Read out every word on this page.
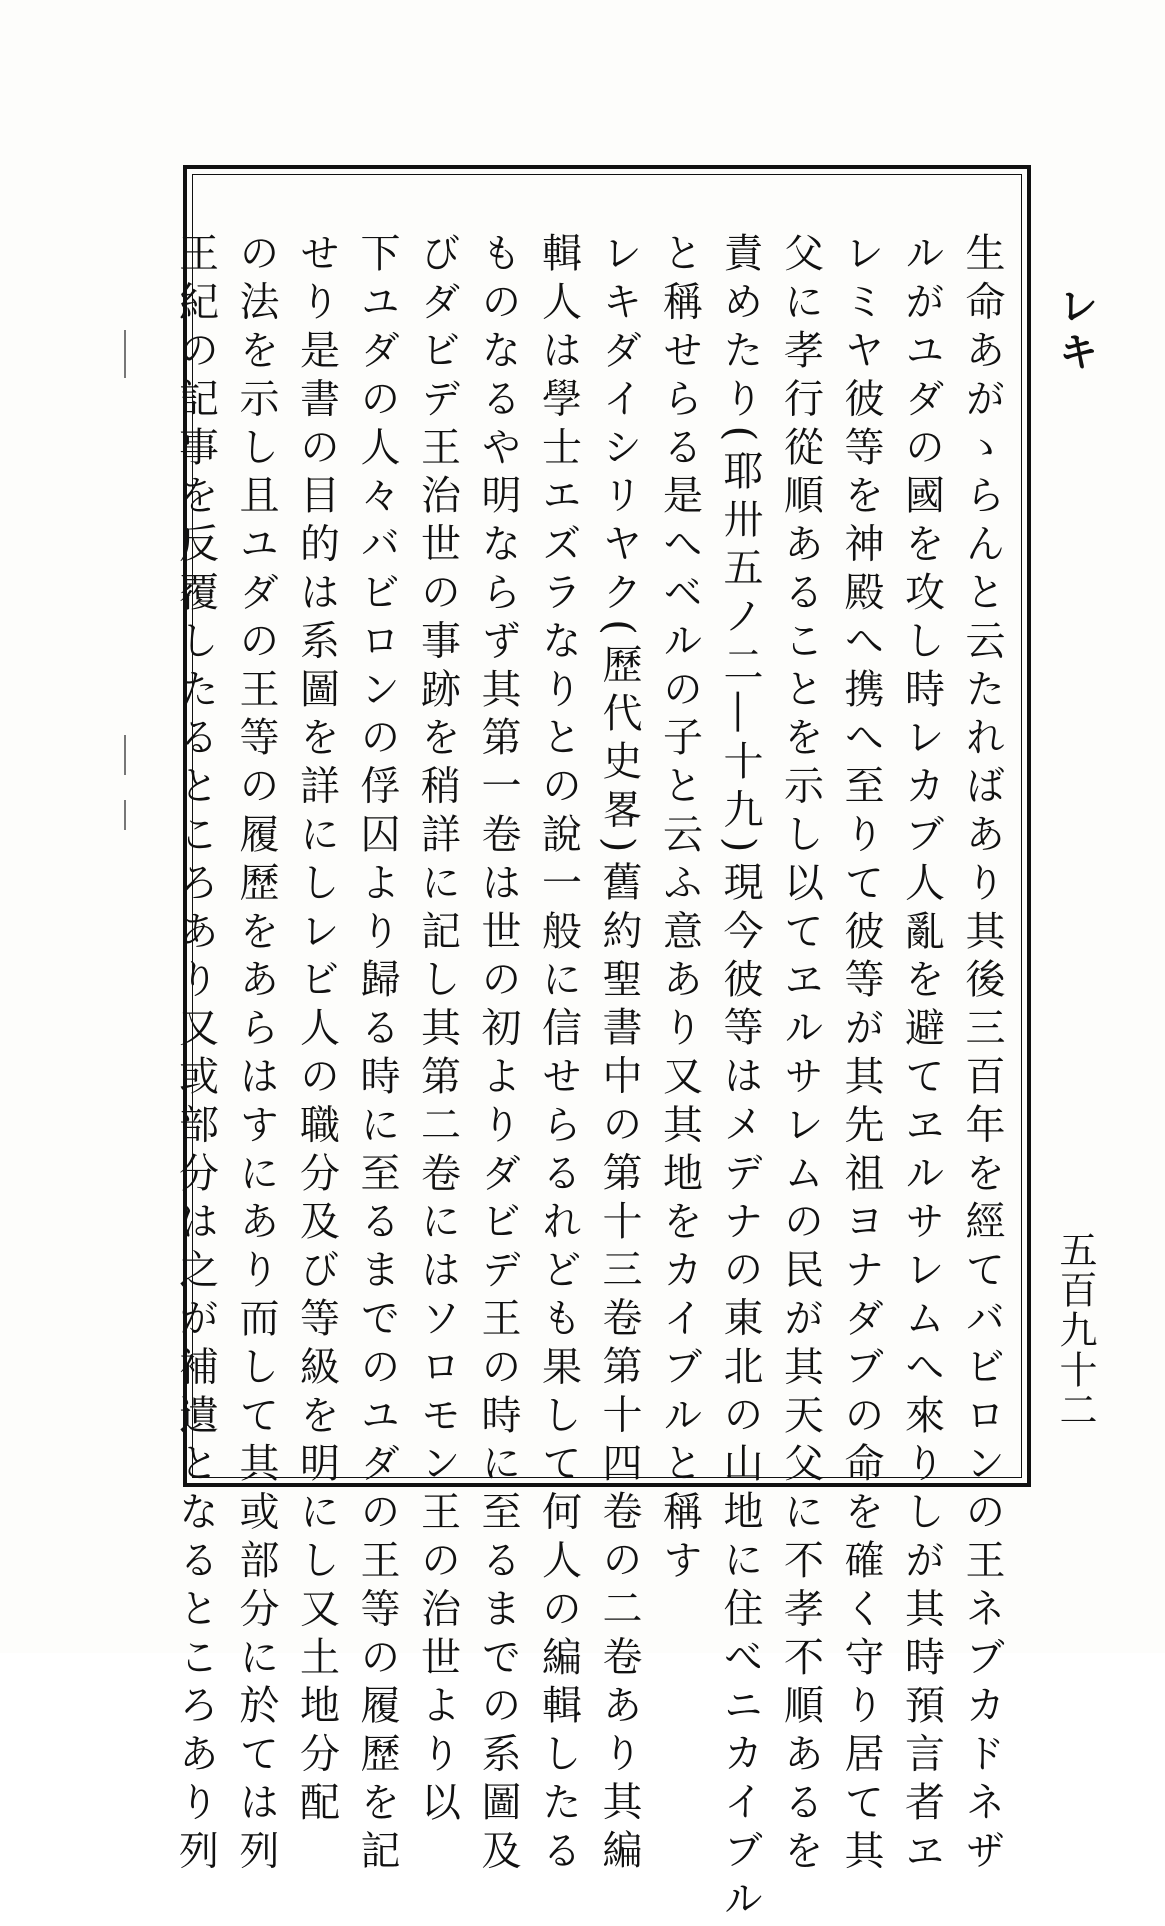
レキ
五百九十二
生命あがゝらんと云たればあり其後三百年を經てバビロンの王ネブカドネザ
ルがユダの國を攻し時レカブ人亂を避てヱルサレムへ來りしが其時預言者ヱ
レミヤ彼等を神殿へ携へ至りて彼等が其先祖ヨナダブの命を確く守り居て其
父に孝行從順あることを示し以てヱルサレムの民が其天父に不孝不順あるを
責めたり(耶卅五ノ二―十九)現今彼等はメデナの東北の山地に住べニカイブル
と稱せらる是へベルの子と云ふ意あり又其地をカイブルと稱す
レキダイシリヤク(歷代史畧)舊約聖書中の第十三卷第十四卷の二卷あり其編
輯人は學士エズラなりとの說一般に信せらるれども果して何人の編輯したる
ものなるや明ならず其第一卷は世の初よりダビデ王の時に至るまでの系圖及
びダビデ王治世の事跡を稍詳に記し其第二卷にはソロモン王の治世より以
下ユダの人々バビロンの俘囚より歸る時に至るまでのユダの王等の履歷を記
せり是書の目的は系圖を詳にしレビ人の職分及び等級を明にし又土地分配
の法を示し且ユダの王等の履歷をあらはすにあり而して其或部分に於ては列
王紀の記事を反覆したるところあり又或部分は之が補遺となるところあり列
